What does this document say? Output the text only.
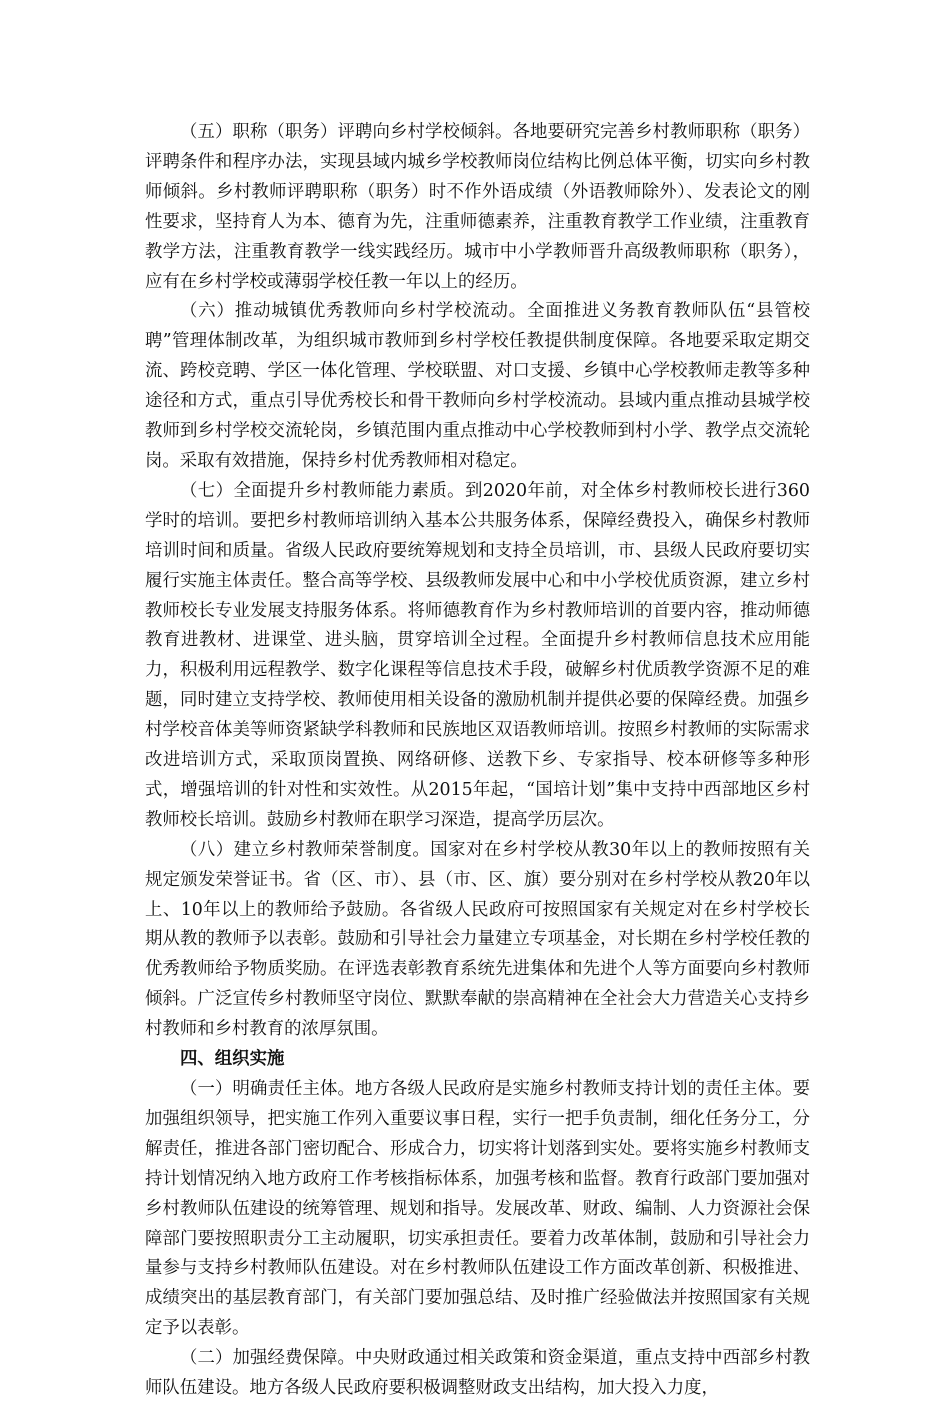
（五）职称（职务）评聘向乡村学校倾斜。各地要研究完善乡村教师职称（职务）评聘条件和程序办法，实现县域内城乡学校教师岗位结构比例总体平衡，切实向乡村教师倾斜。乡村教师评聘职称（职务）时不作外语成绩（外语教师除外）、发表论文的刚性要求，坚持育人为本、德育为先，注重师德素养，注重教育教学工作业绩，注重教育教学方法，注重教育教学一线实践经历。城市中小学教师晋升高级教师职称（职务），应有在乡村学校或薄弱学校任教一年以上的经历。

（六）推动城镇优秀教师向乡村学校流动。全面推进义务教育教师队伍“县管校聘”管理体制改革，为组织城市教师到乡村学校任教提供制度保障。各地要采取定期交流、跨校竞聘、学区一体化管理、学校联盟、对口支援、乡镇中心学校教师走教等多种途径和方式，重点引导优秀校长和骨干教师向乡村学校流动。县域内重点推动县城学校教师到乡村学校交流轮岗，乡镇范围内重点推动中心学校教师到村小学、教学点交流轮岗。采取有效措施，保持乡村优秀教师相对稳定。

（七）全面提升乡村教师能力素质。到2020年前，对全体乡村教师校长进行360学时的培训。要把乡村教师培训纳入基本公共服务体系，保障经费投入，确保乡村教师培训时间和质量。省级人民政府要统筹规划和支持全员培训，市、县级人民政府要切实履行实施主体责任。整合高等学校、县级教师发展中心和中小学校优质资源，建立乡村教师校长专业发展支持服务体系。将师德教育作为乡村教师培训的首要内容，推动师德教育进教材、进课堂、进头脑，贯穿培训全过程。全面提升乡村教师信息技术应用能力，积极利用远程教学、数字化课程等信息技术手段，破解乡村优质教学资源不足的难题，同时建立支持学校、教师使用相关设备的激励机制并提供必要的保障经费。加强乡村学校音体美等师资紧缺学科教师和民族地区双语教师培训。按照乡村教师的实际需求改进培训方式，采取顶岗置换、网络研修、送教下乡、专家指导、校本研修等多种形式，增强培训的针对性和实效性。从2015年起，“国培计划”集中支持中西部地区乡村教师校长培训。鼓励乡村教师在职学习深造，提高学历层次。

（八）建立乡村教师荣誉制度。国家对在乡村学校从教30年以上的教师按照有关规定颁发荣誉证书。省（区、市）、县（市、区、旗）要分别对在乡村学校从教20年以上、10年以上的教师给予鼓励。各省级人民政府可按照国家有关规定对在乡村学校长期从教的教师予以表彰。鼓励和引导社会力量建立专项基金，对长期在乡村学校任教的优秀教师给予物质奖励。在评选表彰教育系统先进集体和先进个人等方面要向乡村教师倾斜。广泛宣传乡村教师坚守岗位、默默奉献的崇高精神在全社会大力营造关心支持乡村教师和乡村教育的浓厚氛围。

四、组织实施

（一）明确责任主体。地方各级人民政府是实施乡村教师支持计划的责任主体。要加强组织领导，把实施工作列入重要议事日程，实行一把手负责制，细化任务分工，分解责任，推进各部门密切配合、形成合力，切实将计划落到实处。要将实施乡村教师支持计划情况纳入地方政府工作考核指标体系，加强考核和监督。教育行政部门要加强对乡村教师队伍建设的统筹管理、规划和指导。发展改革、财政、编制、人力资源社会保障部门要按照职责分工主动履职，切实承担责任。要着力改革体制，鼓励和引导社会力量参与支持乡村教师队伍建设。对在乡村教师队伍建设工作方面改革创新、积极推进、成绩突出的基层教育部门，有关部门要加强总结、及时推广经验做法并按照国家有关规定予以表彰。

（二）加强经费保障。中央财政通过相关政策和资金渠道，重点支持中西部乡村教师队伍建设。地方各级人民政府要积极调整财政支出结构，加大投入力度，
